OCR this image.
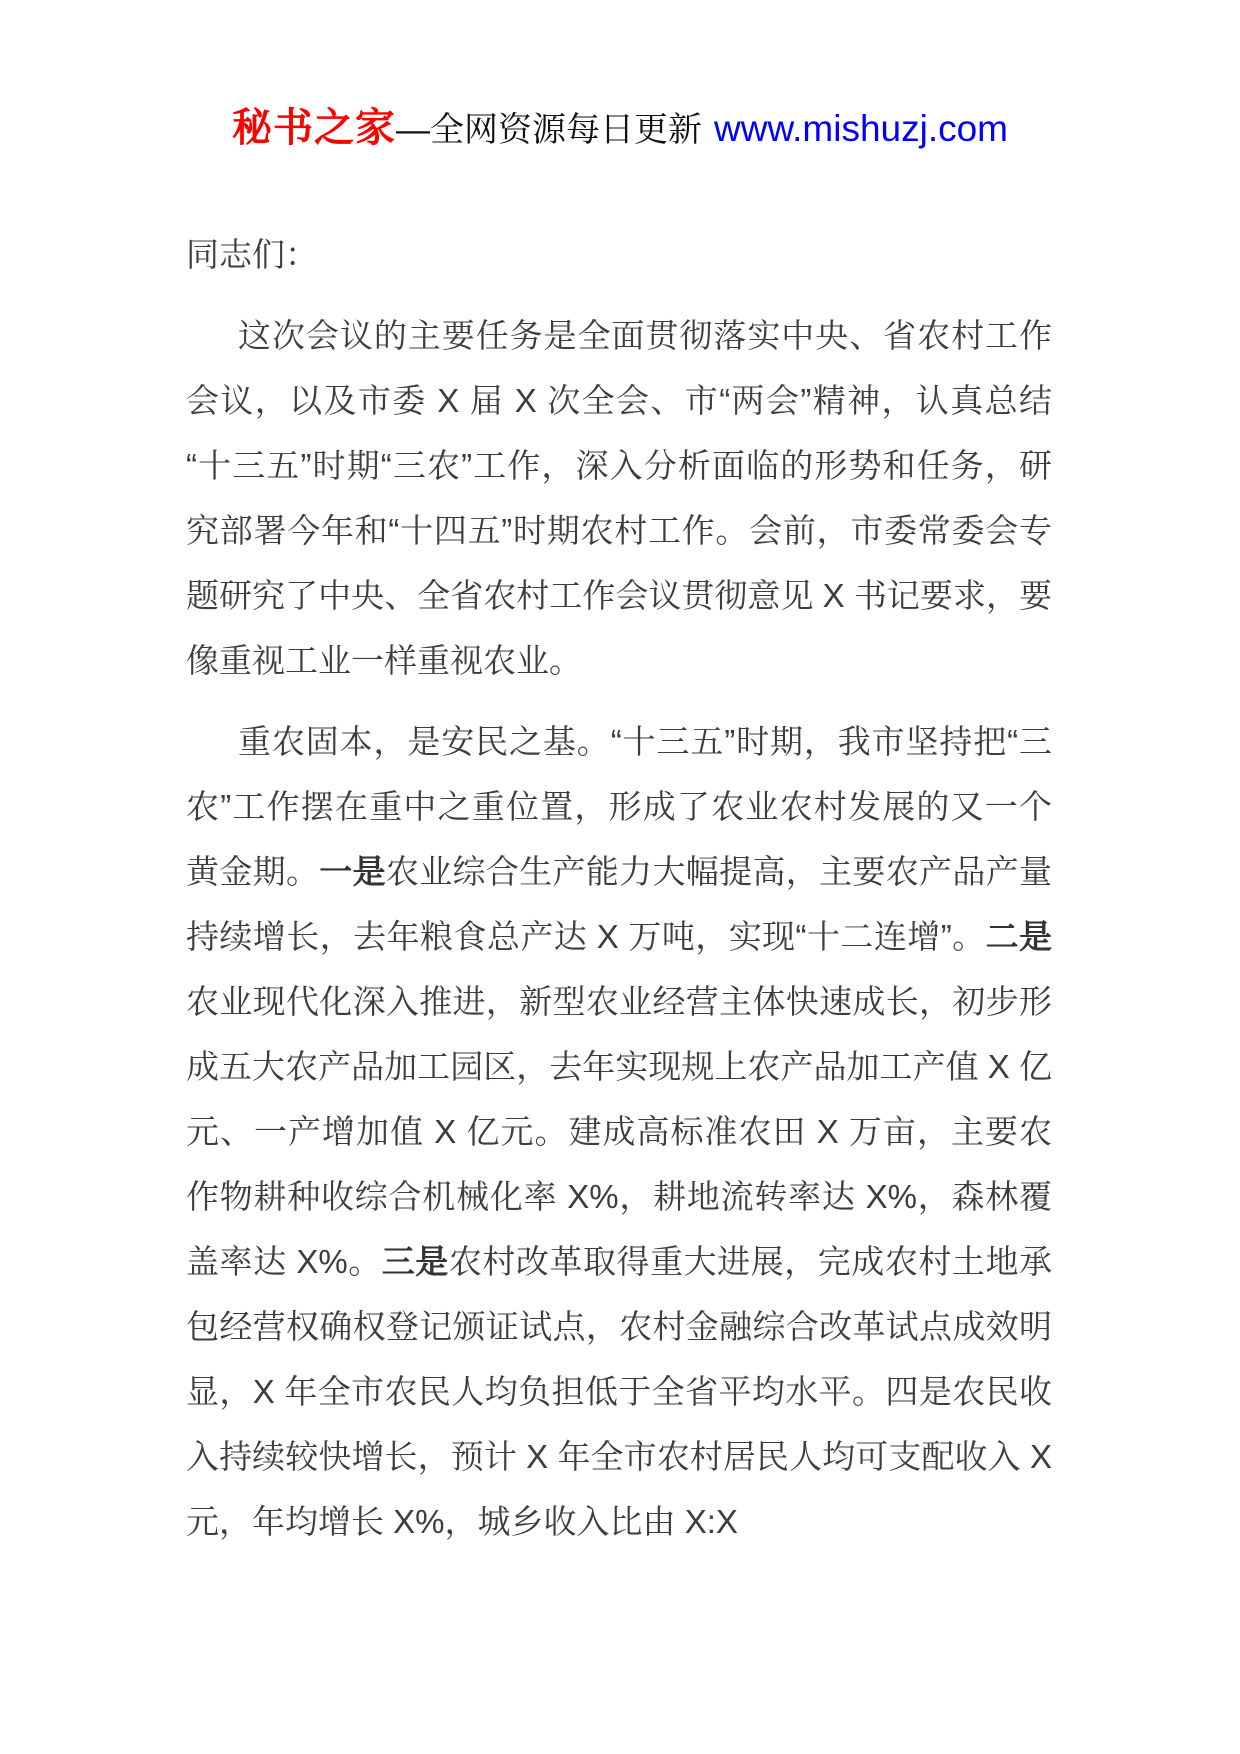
秘书之家—全网资源每日更新 www.mishuzj.com

同志们：

这次会议的主要任务是全面贯彻落实中央、省农村工作会议，以及市委 X 届 X 次全会、市“两会”精神，认真总结“十三五”时期“三农”工作，深入分析面临的形势和任务，研究部署今年和“十四五”时期农村工作。会前，市委常委会专题研究了中央、全省农村工作会议贯彻意见 X 书记要求，要像重视工业一样重视农业。

重农固本，是安民之基。“十三五”时期，我市坚持把“三农”工作摆在重中之重位置，形成了农业农村发展的又一个黄金期。一是农业综合生产能力大幅提高，主要农产品产量持续增长，去年粮食总产达 X 万吨，实现“十二连增”。二是农业现代化深入推进，新型农业经营主体快速成长，初步形成五大农产品加工园区，去年实现规上农产品加工产值 X 亿元、一产增加值 X 亿元。建成高标准农田 X 万亩，主要农作物耕种收综合机械化率 X%，耕地流转率达 X%，森林覆盖率达 X%。三是农村改革取得重大进展，完成农村土地承包经营权确权登记颁证试点，农村金融综合改革试点成效明显，X 年全市农民人均负担低于全省平均水平。四是农民收入持续较快增长，预计 X 年全市农村居民人均可支配收入 X 元，年均增长 X%，城乡收入比由 X:X
